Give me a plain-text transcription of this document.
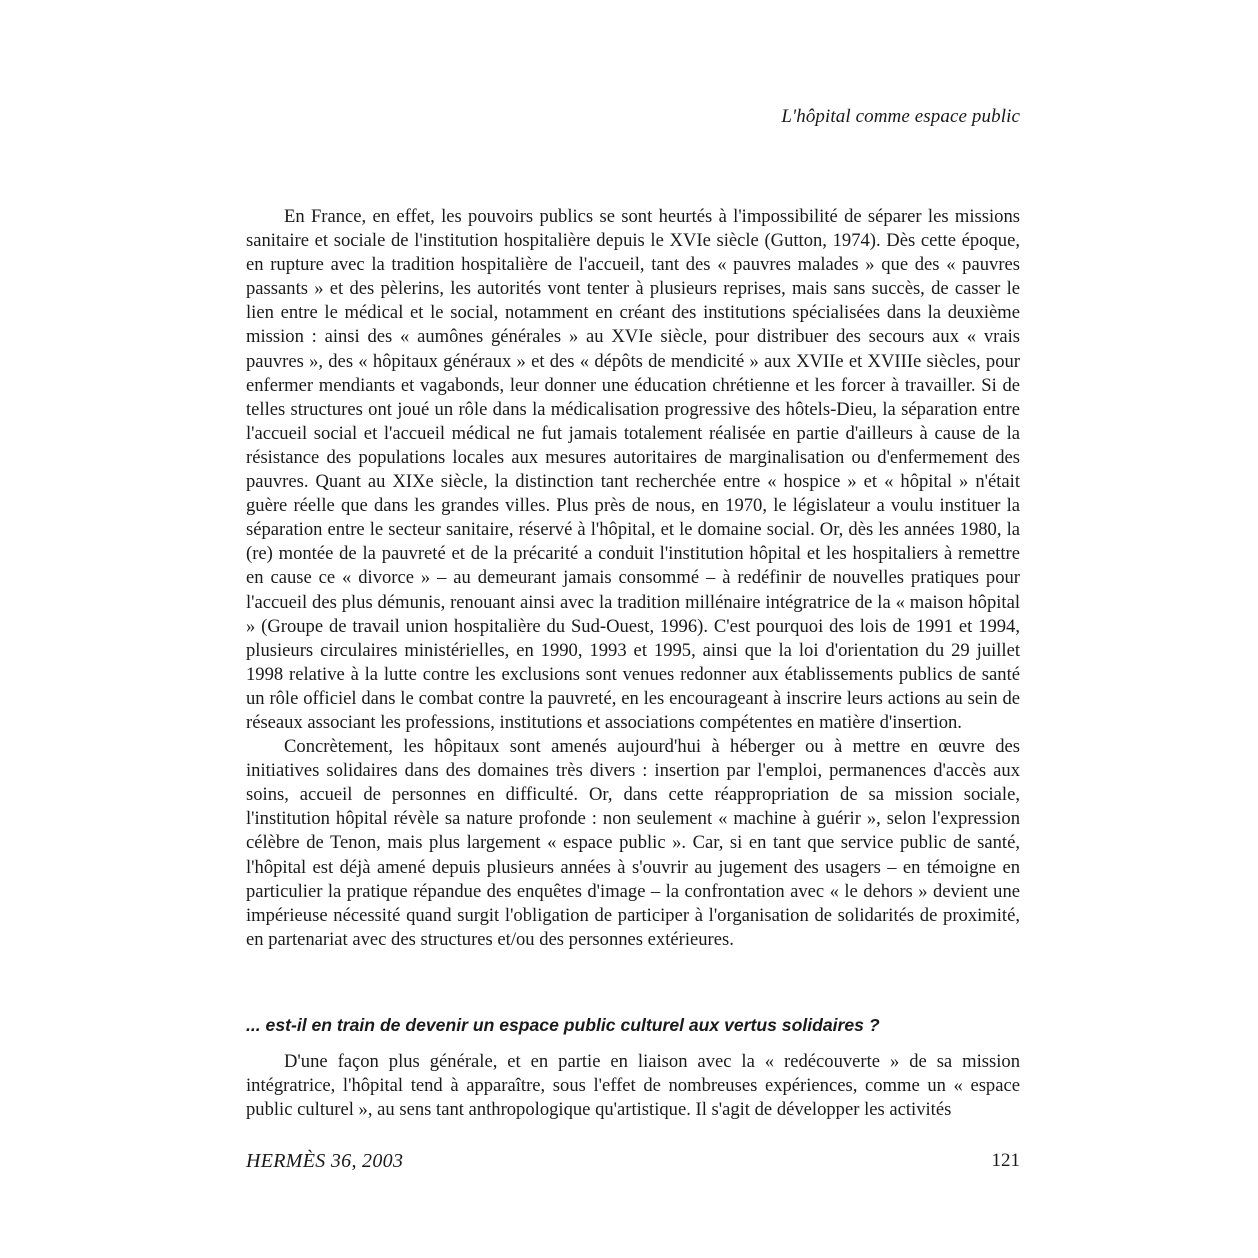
L'hôpital comme espace public

En France, en effet, les pouvoirs publics se sont heurtés à l'impossibilité de séparer les missions sanitaire et sociale de l'institution hospitalière depuis le XVIe siècle (Gutton, 1974). Dès cette époque, en rupture avec la tradition hospitalière de l'accueil, tant des « pauvres malades » que des « pauvres passants » et des pèlerins, les autorités vont tenter à plusieurs reprises, mais sans succès, de casser le lien entre le médical et le social, notamment en créant des institutions spécialisées dans la deuxième mission : ainsi des « aumônes générales » au XVIe siècle, pour distribuer des secours aux « vrais pauvres », des « hôpitaux généraux » et des « dépôts de mendicité » aux XVIIe et XVIIIe siècles, pour enfermer mendiants et vagabonds, leur donner une éducation chrétienne et les forcer à travailler. Si de telles structures ont joué un rôle dans la médicalisation progressive des hôtels-Dieu, la séparation entre l'accueil social et l'accueil médical ne fut jamais totalement réalisée en partie d'ailleurs à cause de la résistance des populations locales aux mesures autoritaires de marginalisation ou d'enfermement des pauvres. Quant au XIXe siècle, la distinction tant recherchée entre « hospice » et « hôpital » n'était guère réelle que dans les grandes villes. Plus près de nous, en 1970, le législateur a voulu instituer la séparation entre le secteur sanitaire, réservé à l'hôpital, et le domaine social. Or, dès les années 1980, la (re) montée de la pauvreté et de la précarité a conduit l'institution hôpital et les hospitaliers à remettre en cause ce « divorce » – au demeurant jamais consommé – à redéfinir de nouvelles pratiques pour l'accueil des plus démunis, renouant ainsi avec la tradition millénaire intégratrice de la « maison hôpital » (Groupe de travail union hospitalière du Sud-Ouest, 1996). C'est pourquoi des lois de 1991 et 1994, plusieurs circulaires ministérielles, en 1990, 1993 et 1995, ainsi que la loi d'orientation du 29 juillet 1998 relative à la lutte contre les exclusions sont venues redonner aux établissements publics de santé un rôle officiel dans le combat contre la pauvreté, en les encourageant à inscrire leurs actions au sein de réseaux associant les professions, institutions et associations compétentes en matière d'insertion.

Concrètement, les hôpitaux sont amenés aujourd'hui à héberger ou à mettre en œuvre des initiatives solidaires dans des domaines très divers : insertion par l'emploi, permanences d'accès aux soins, accueil de personnes en difficulté. Or, dans cette réappropriation de sa mission sociale, l'institution hôpital révèle sa nature profonde : non seulement « machine à guérir », selon l'expression célèbre de Tenon, mais plus largement « espace public ». Car, si en tant que service public de santé, l'hôpital est déjà amené depuis plusieurs années à s'ouvrir au jugement des usagers – en témoigne en particulier la pratique répandue des enquêtes d'image – la confrontation avec « le dehors » devient une impérieuse nécessité quand surgit l'obligation de participer à l'organisation de solidarités de proximité, en partenariat avec des structures et/ou des personnes extérieures.

... est-il en train de devenir un espace public culturel aux vertus solidaires ?

D'une façon plus générale, et en partie en liaison avec la « redécouverte » de sa mission intégratrice, l'hôpital tend à apparaître, sous l'effet de nombreuses expériences, comme un « espace public culturel », au sens tant anthropologique qu'artistique. Il s'agit de développer les activités

HERMÈS 36, 2003	121
